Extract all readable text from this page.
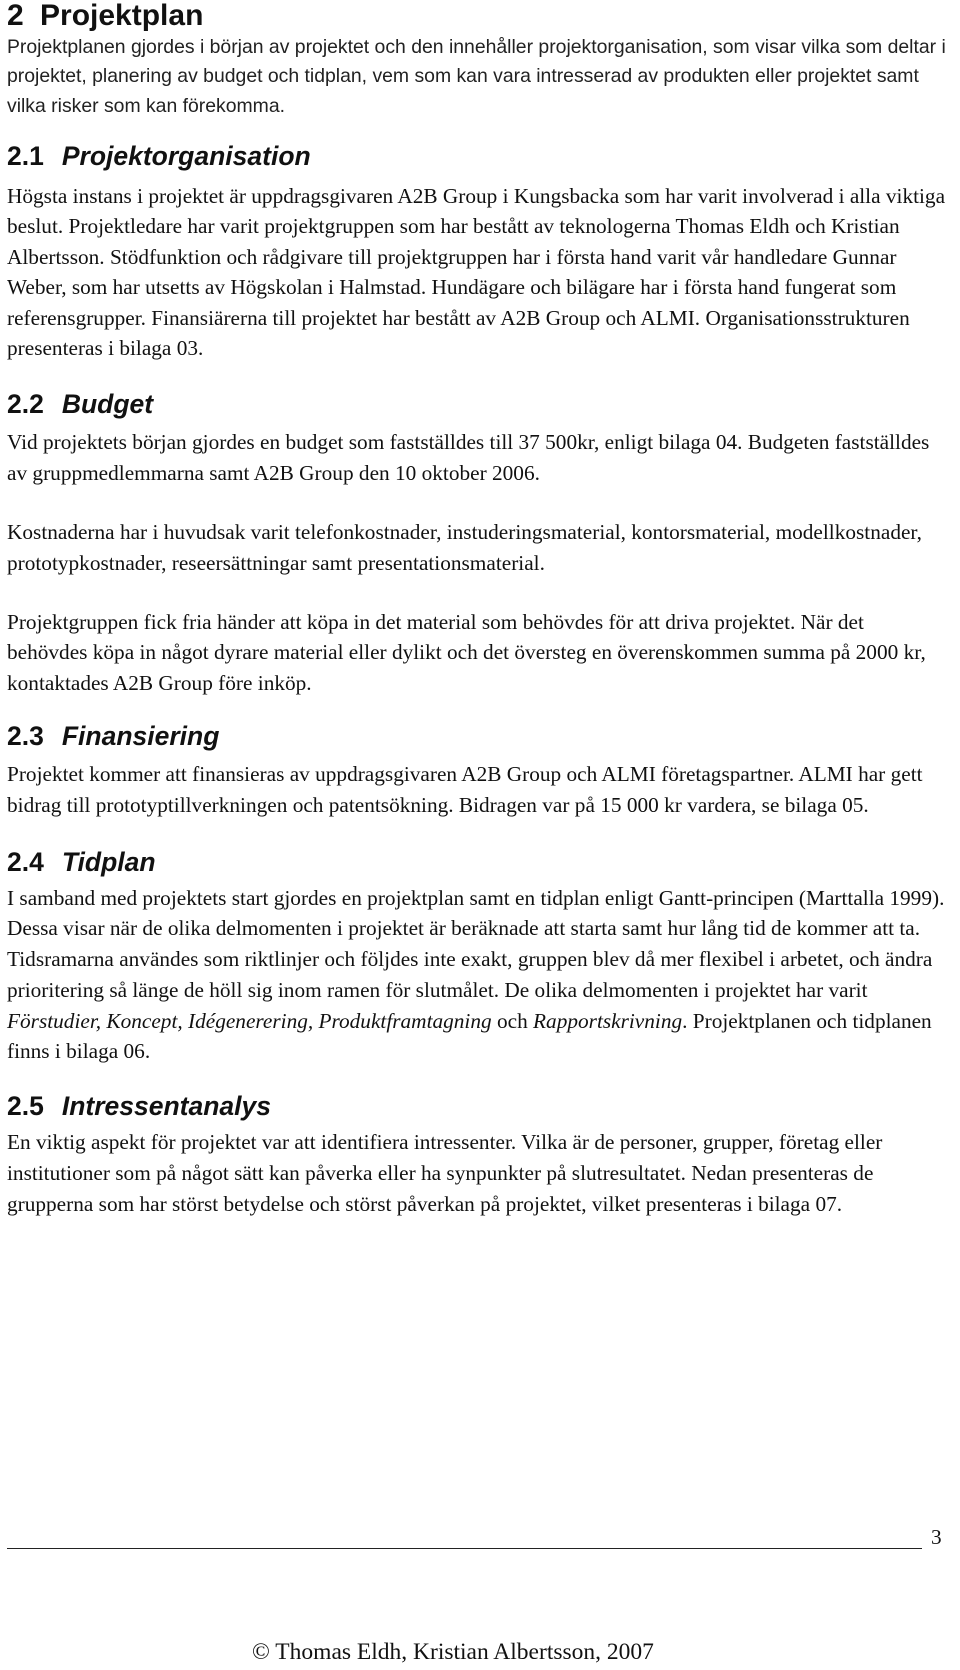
2 Projektplan

Projektplanen gjordes i början av projektet och den innehåller projektorganisation, som visar vilka som deltar i projektet, planering av budget och tidplan, vem som kan vara intresserad av produkten eller projektet samt vilka risker som kan förekomma.

2.1 Projektorganisation

Högsta instans i projektet är uppdragsgivaren A2B Group i Kungsbacka som har varit involverad i alla viktiga beslut. Projektledare har varit projektgruppen som har bestått av teknologerna Thomas Eldh och Kristian Albertsson. Stödfunktion och rådgivare till projektgruppen har i första hand varit vår handledare Gunnar Weber, som har utsetts av Högskolan i Halmstad. Hundägare och bilägare har i första hand fungerat som referensgrupper. Finansiärerna till projektet har bestått av A2B Group och ALMI. Organisationsstrukturen presenteras i bilaga 03.

2.2 Budget

Vid projektets början gjordes en budget som fastställdes till 37 500kr, enligt bilaga 04. Budgeten fastställdes av gruppmedlemmarna samt A2B Group den 10 oktober 2006.

Kostnaderna har i huvudsak varit telefonkostnader, instuderingsmaterial, kontorsmaterial, modellkostnader, prototypkostnader, reseersättningar samt presentationsmaterial.

Projektgruppen fick fria händer att köpa in det material som behövdes för att driva projektet. När det behövdes köpa in något dyrare material eller dylikt och det översteg en överenskommen summa på 2000 kr, kontaktades A2B Group före inköp.

2.3 Finansiering

Projektet kommer att finansieras av uppdragsgivaren A2B Group och ALMI företagspartner. ALMI har gett bidrag till prototyptillverkningen och patentsökning. Bidragen var på 15 000 kr vardera, se bilaga 05.

2.4 Tidplan

I samband med projektets start gjordes en projektplan samt en tidplan enligt Gantt-principen (Marttalla 1999). Dessa visar när de olika delmomenten i projektet är beräknade att starta samt hur lång tid de kommer att ta. Tidsramarna användes som riktlinjer och följdes inte exakt, gruppen blev då mer flexibel i arbetet, och ändra prioritering så länge de höll sig inom ramen för slutmålet. De olika delmomenten i projektet har varit Förstudier, Koncept, Idégenerering, Produktframtagning och Rapportskrivning. Projektplanen och tidplanen finns i bilaga 06.

2.5 Intressentanalys

En viktig aspekt för projektet var att identifiera intressenter. Vilka är de personer, grupper, företag eller institutioner som på något sätt kan påverka eller ha synpunkter på slutresultatet. Nedan presenteras de grupperna som har störst betydelse och störst påverkan på projektet, vilket presenteras i bilaga 07.

3
© Thomas Eldh, Kristian Albertsson, 2007
